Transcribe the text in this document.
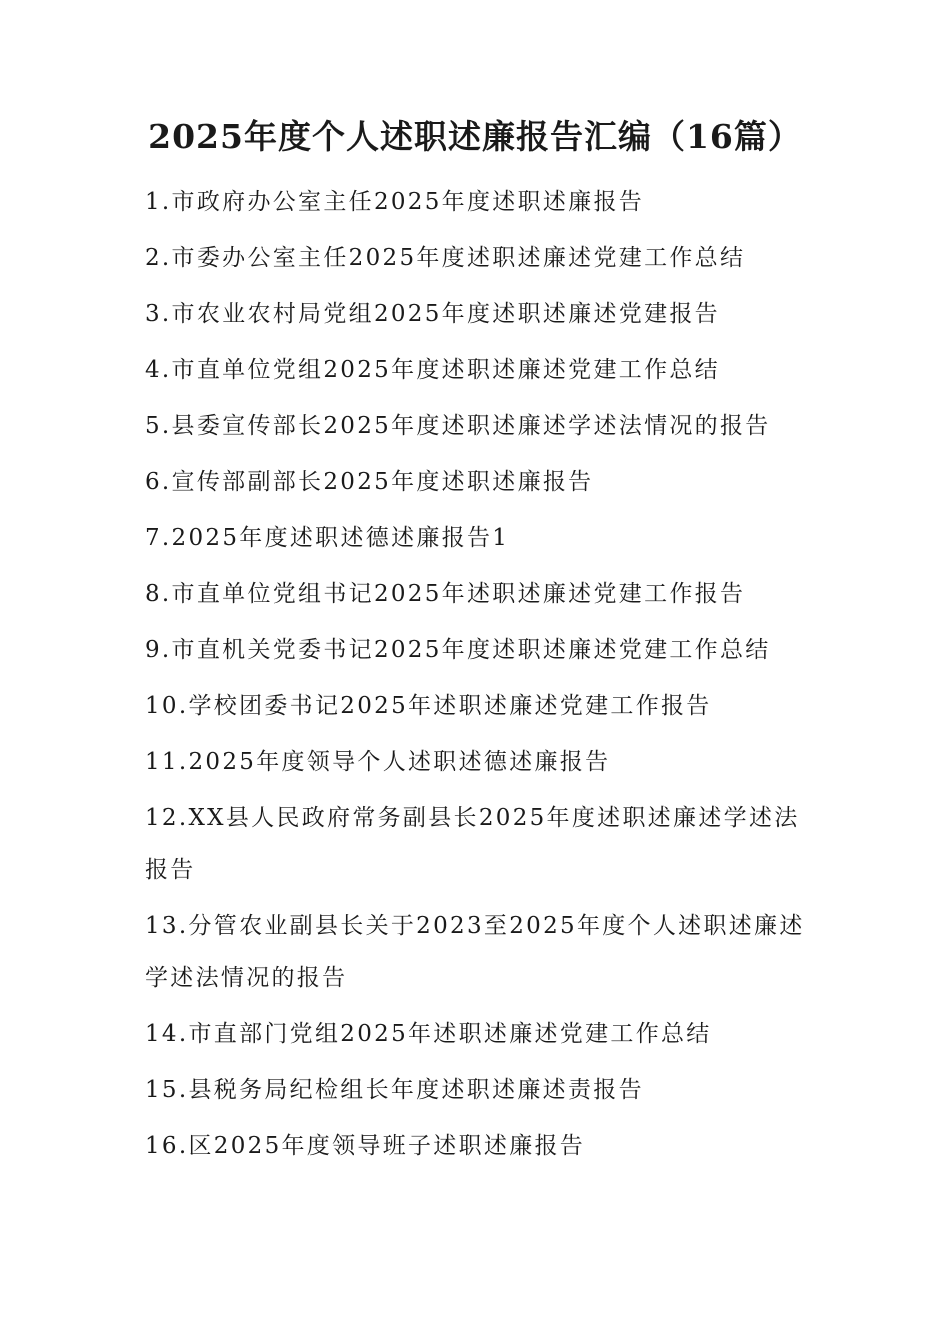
2025年度个人述职述廉报告汇编（16篇）
1.市政府办公室主任2025年度述职述廉报告
2.市委办公室主任2025年度述职述廉述党建工作总结
3.市农业农村局党组2025年度述职述廉述党建报告
4.市直单位党组2025年度述职述廉述党建工作总结
5.县委宣传部长2025年度述职述廉述学述法情况的报告
6.宣传部副部长2025年度述职述廉报告
7.2025年度述职述德述廉报告1
8.市直单位党组书记2025年述职述廉述党建工作报告
9.市直机关党委书记2025年度述职述廉述党建工作总结
10.学校团委书记2025年述职述廉述党建工作报告
11.2025年度领导个人述职述德述廉报告
12.XX县人民政府常务副县长2025年度述职述廉述学述法报告
13.分管农业副县长关于2023至2025年度个人述职述廉述学述法情况的报告
14.市直部门党组2025年述职述廉述党建工作总结
15.县税务局纪检组长年度述职述廉述责报告
16.区2025年度领导班子述职述廉报告
